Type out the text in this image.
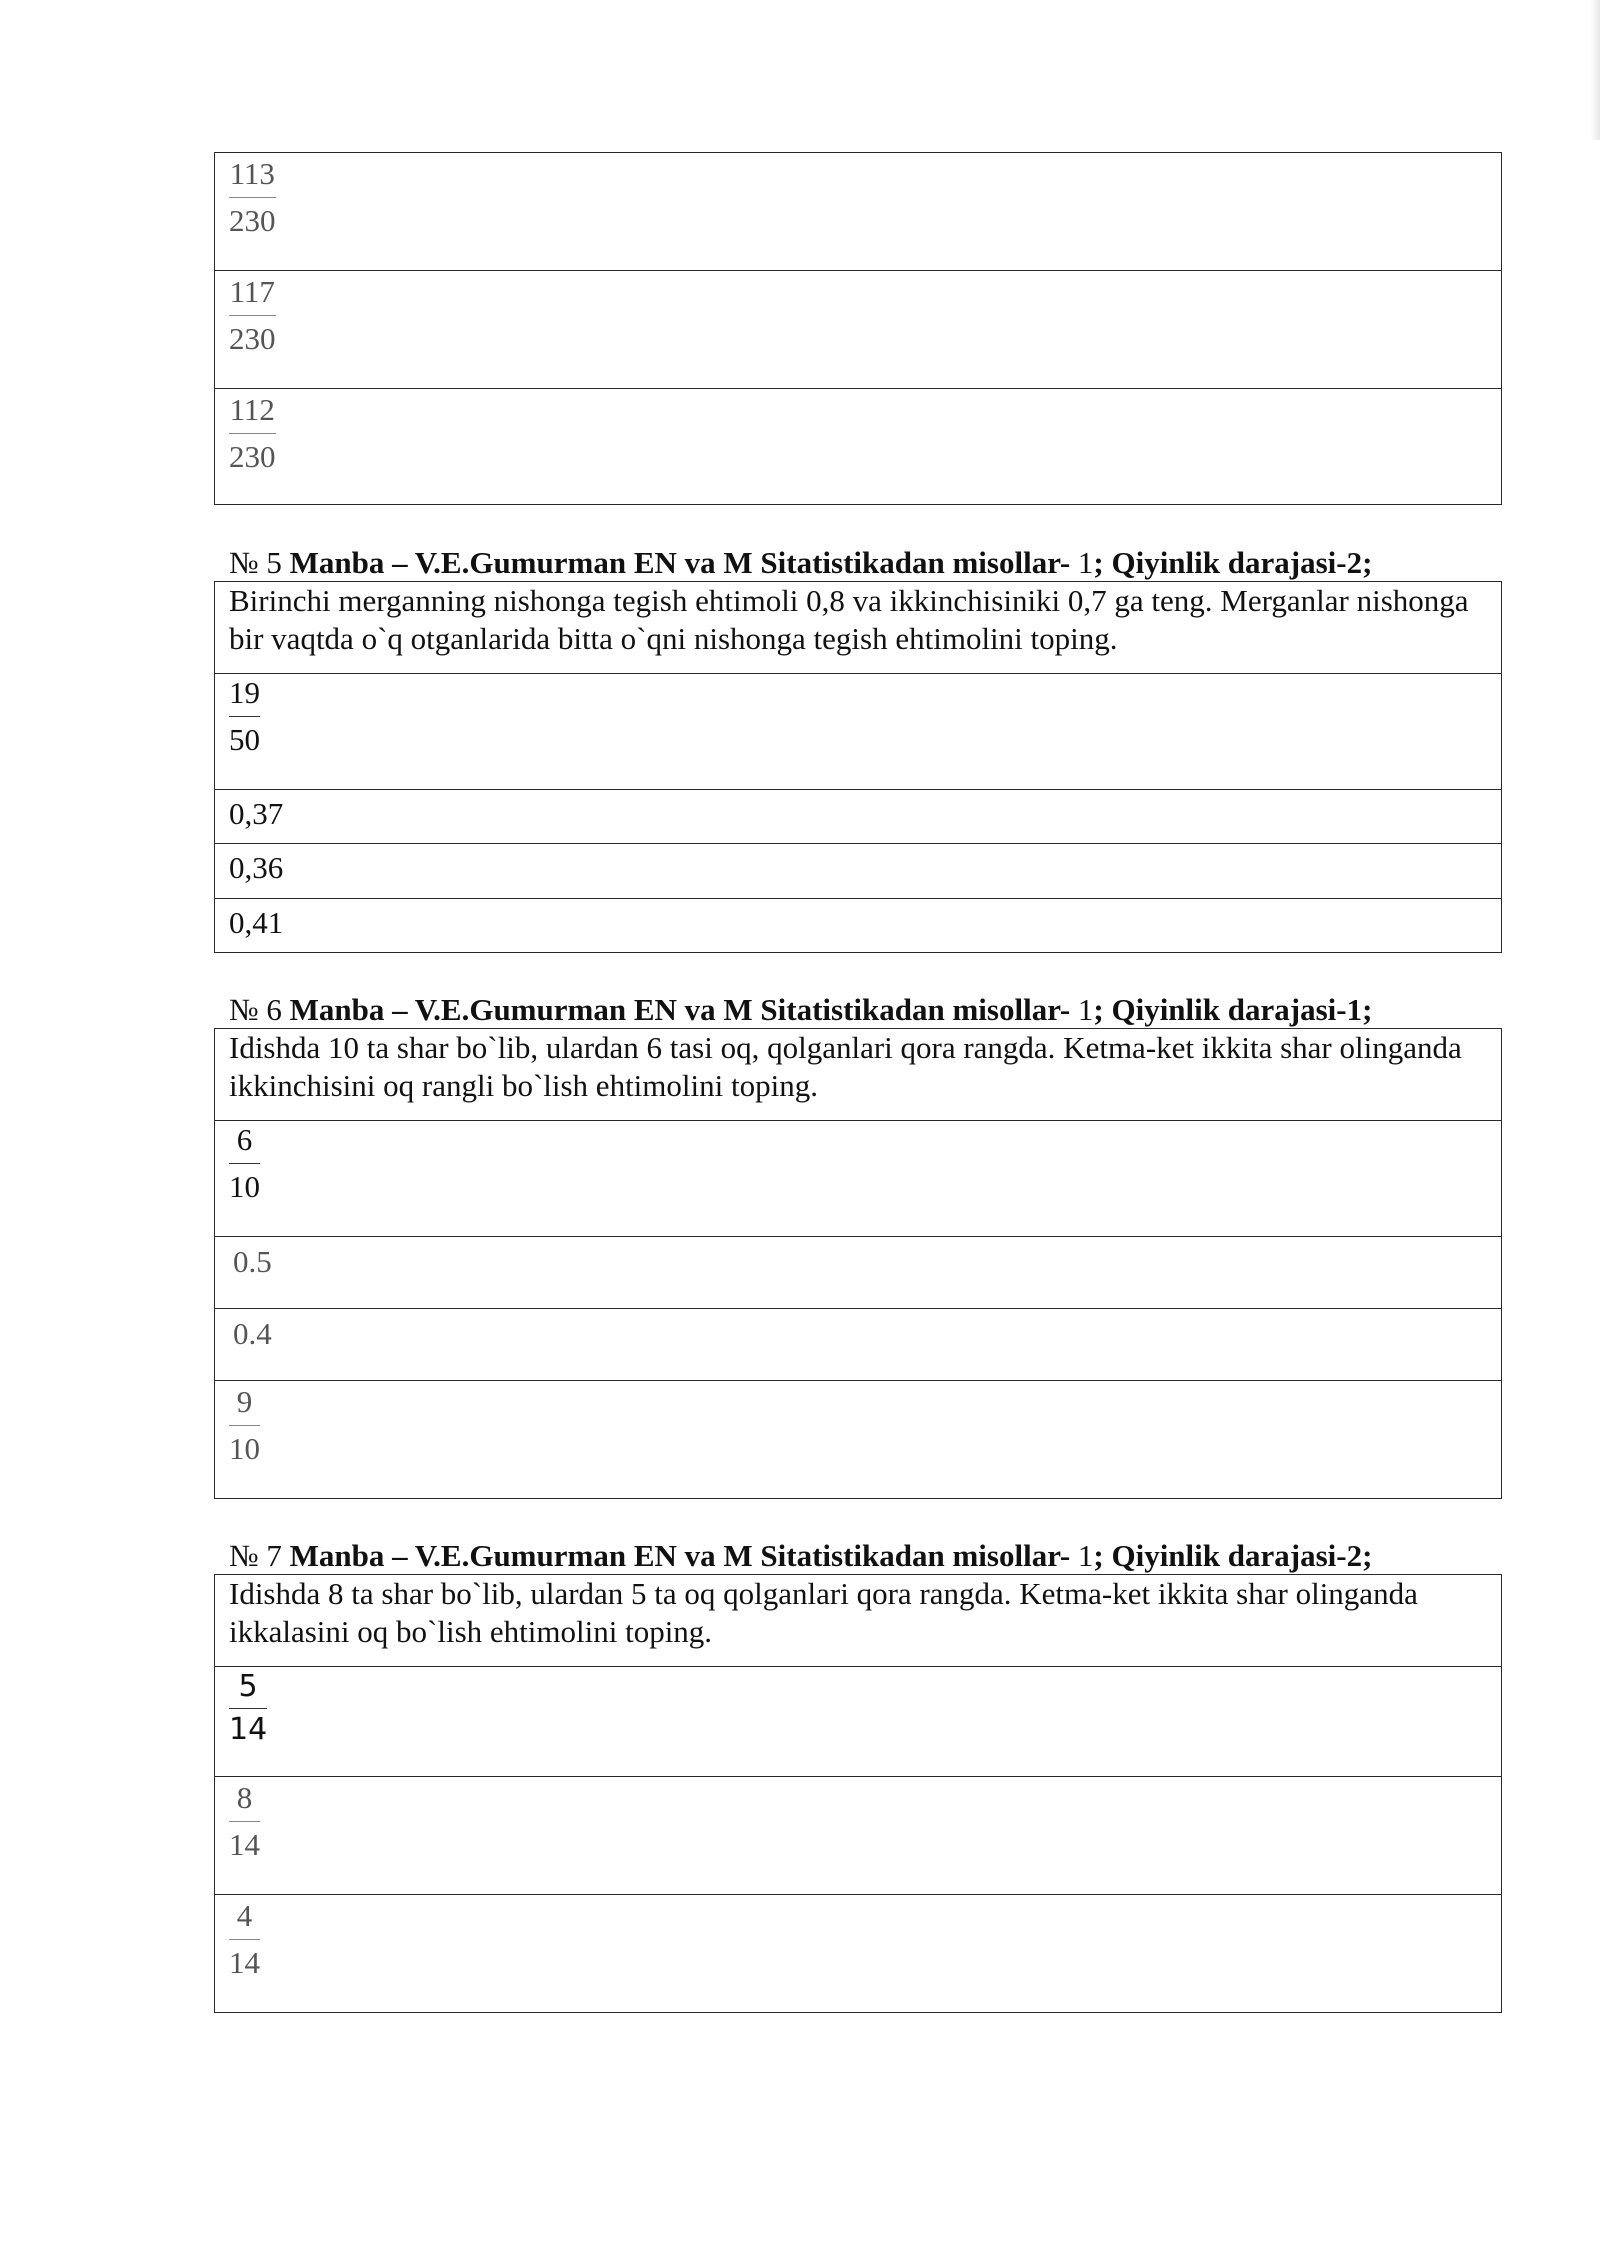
$\frac{113}{230}$

$\frac{117}{230}$

$\frac{112}{230}$
№ 5 Manba – V.E.Gumurman EN va M Sitatistikadan misollar- 1; Qiyinlik darajasi-2;
Birinchi merganning nishonga tegish ehtimoli 0,8 va ikkinchisiniki 0,7 ga teng. Merganlar nishonga bir vaqtda o`q otganlarida bitta o`qni nishonga tegish ehtimolini toping.

$\frac{19}{50}$

0,37
0,36
0,41
№ 6 Manba – V.E.Gumurman EN va M Sitatistikadan misollar- 1; Qiyinlik darajasi-1;
Idishda 10 ta shar bo`lib, ulardan 6 tasi oq, qolganlari qora rangda. Ketma-ket ikkita shar olinganda ikkinchisini oq rangli bo`lish ehtimolini toping.

$\frac{6}{10}$

0.5
0.4

$\frac{9}{10}$
№ 7 Manba – V.E.Gumurman EN va M Sitatistikadan misollar- 1; Qiyinlik darajasi-2;
Idishda 8 ta shar bo`lib, ulardan 5 ta oq qolganlari qora rangda. Ketma-ket ikkita shar olinganda ikkalasini oq bo`lish ehtimolini toping.

$\frac{5}{14}$

$\frac{8}{14}$

$\frac{4}{14}$
